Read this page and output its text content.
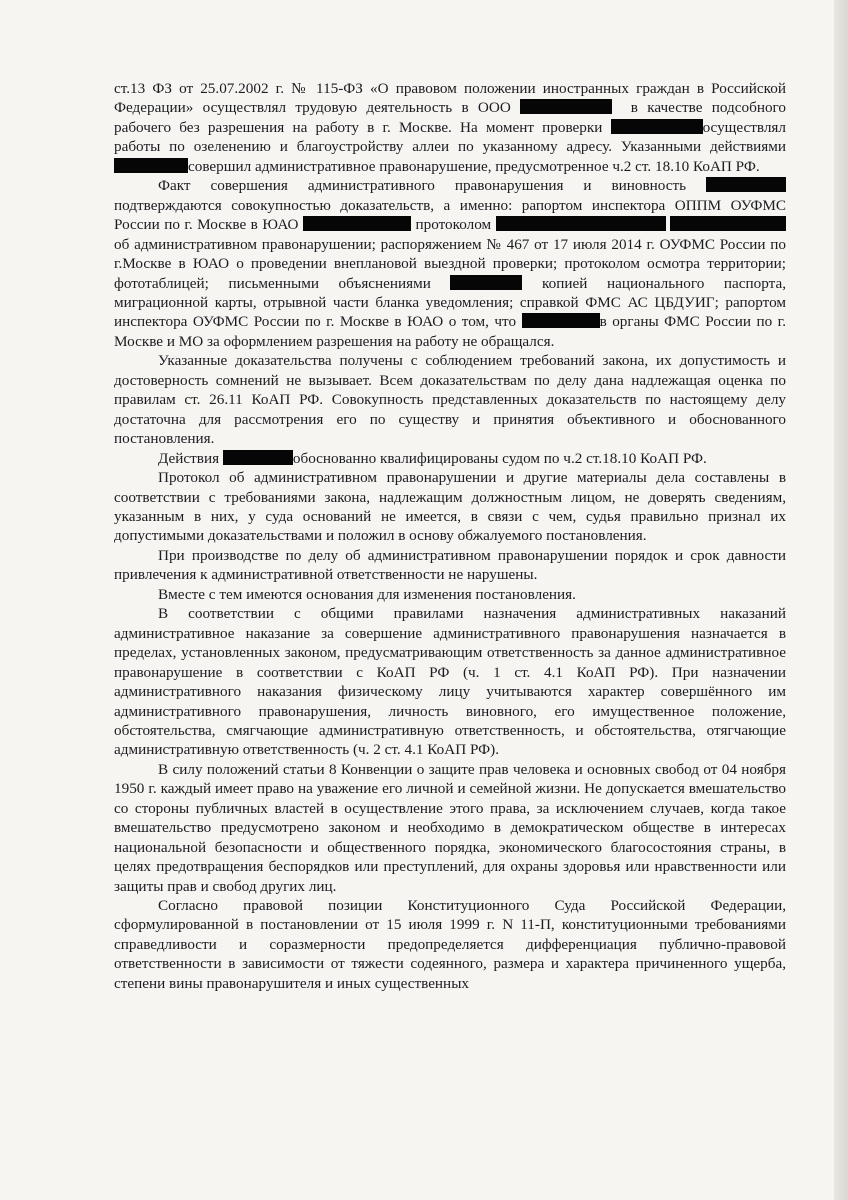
ст.13 ФЗ от 25.07.2002 г. № 115-ФЗ «О правовом положении иностранных граждан в Российской Федерации» осуществлял трудовую деятельность в ООО	в качестве подсобного рабочего без разрешения на работу в г. Москве. На момент проверки	осуществлял работы по озеленению и благоустройству аллеи по указанному адресу. Указанными действиямисовершил административное правонарушение, предусмотренное ч.2 ст. 18.10 КоАП РФ.

Факт совершения административного правонарушения и виновность  подтверждаются совокупностью доказательств, а именно: рапортом инспектора ОППМ ОУФМС России по г. Москве в ЮАО	протоколом  об административном правонарушении; распоряжением № 467 от 17 июля 2014 г. ОУФМС России по г.Москве в ЮАО о проведении внеплановой выездной проверки; протоколом осмотра территории; фототаблицей; письменными объяснениями	копией национального паспорта, миграционной карты, отрывной части бланка уведомления; справкой ФМС АС ЦБДУИГ; рапортом инспектора ОУФМС России по г. Москве в ЮАО о том, что	в органы ФМС России по г. Москве и МО за оформлением разрешения на работу не обращался.

Указанные доказательства получены с соблюдением требований закона, их допустимость и достоверность сомнений не вызывает. Всем доказательствам по делу дана надлежащая оценка по правилам ст. 26.11 КоАП РФ. Совокупность представленных доказательств по настоящему делу достаточна для рассмотрения его по существу и принятия объективного и обоснованного постановления.

Действия	обоснованно квалифицированы судом по ч.2 ст.18.10 КоАП РФ.

Протокол об административном правонарушении и другие материалы дела составлены в соответствии с требованиями закона, надлежащим должностным лицом, не доверять сведениям, указанным в них, у суда оснований не имеется, в связи с чем, судья правильно признал их допустимыми доказательствами и положил в основу обжалуемого постановления.

При производстве по делу об административном правонарушении порядок и срок давности привлечения к административной ответственности не нарушены.

Вместе с тем имеются основания для изменения постановления.

В соответствии с общими правилами назначения административных наказаний административное наказание за совершение административного правонарушения назначается в пределах, установленных законом, предусматривающим ответственность за данное административное правонарушение в соответствии с КоАП РФ (ч. 1 ст. 4.1 КоАП РФ). При назначении административного наказания физическому лицу учитываются характер совершённого им административного правонарушения, личность виновного, его имущественное положение, обстоятельства, смягчающие административную ответственность, и обстоятельства, отягчающие административную ответственность (ч. 2 ст. 4.1 КоАП РФ).

В силу положений статьи 8 Конвенции о защите прав человека и основных свобод от 04 ноября 1950 г. каждый имеет право на уважение его личной и семейной жизни. Не допускается вмешательство со стороны публичных властей в осуществление этого права, за исключением случаев, когда такое вмешательство предусмотрено законом и необходимо в демократическом обществе в интересах национальной безопасности и общественного порядка, экономического благосостояния страны, в целях предотвращения беспорядков или преступлений, для охраны здоровья или нравственности или защиты прав и свобод других лиц.

Согласно правовой позиции Конституционного Суда Российской Федерации, сформулированной в постановлении от 15 июля 1999 г. N 11-П, конституционными требованиями справедливости и соразмерности предопределяется дифференциация публично-правовой ответственности в зависимости от тяжести содеянного, размера и характера причиненного ущерба, степени вины правонарушителя и иных существенных
